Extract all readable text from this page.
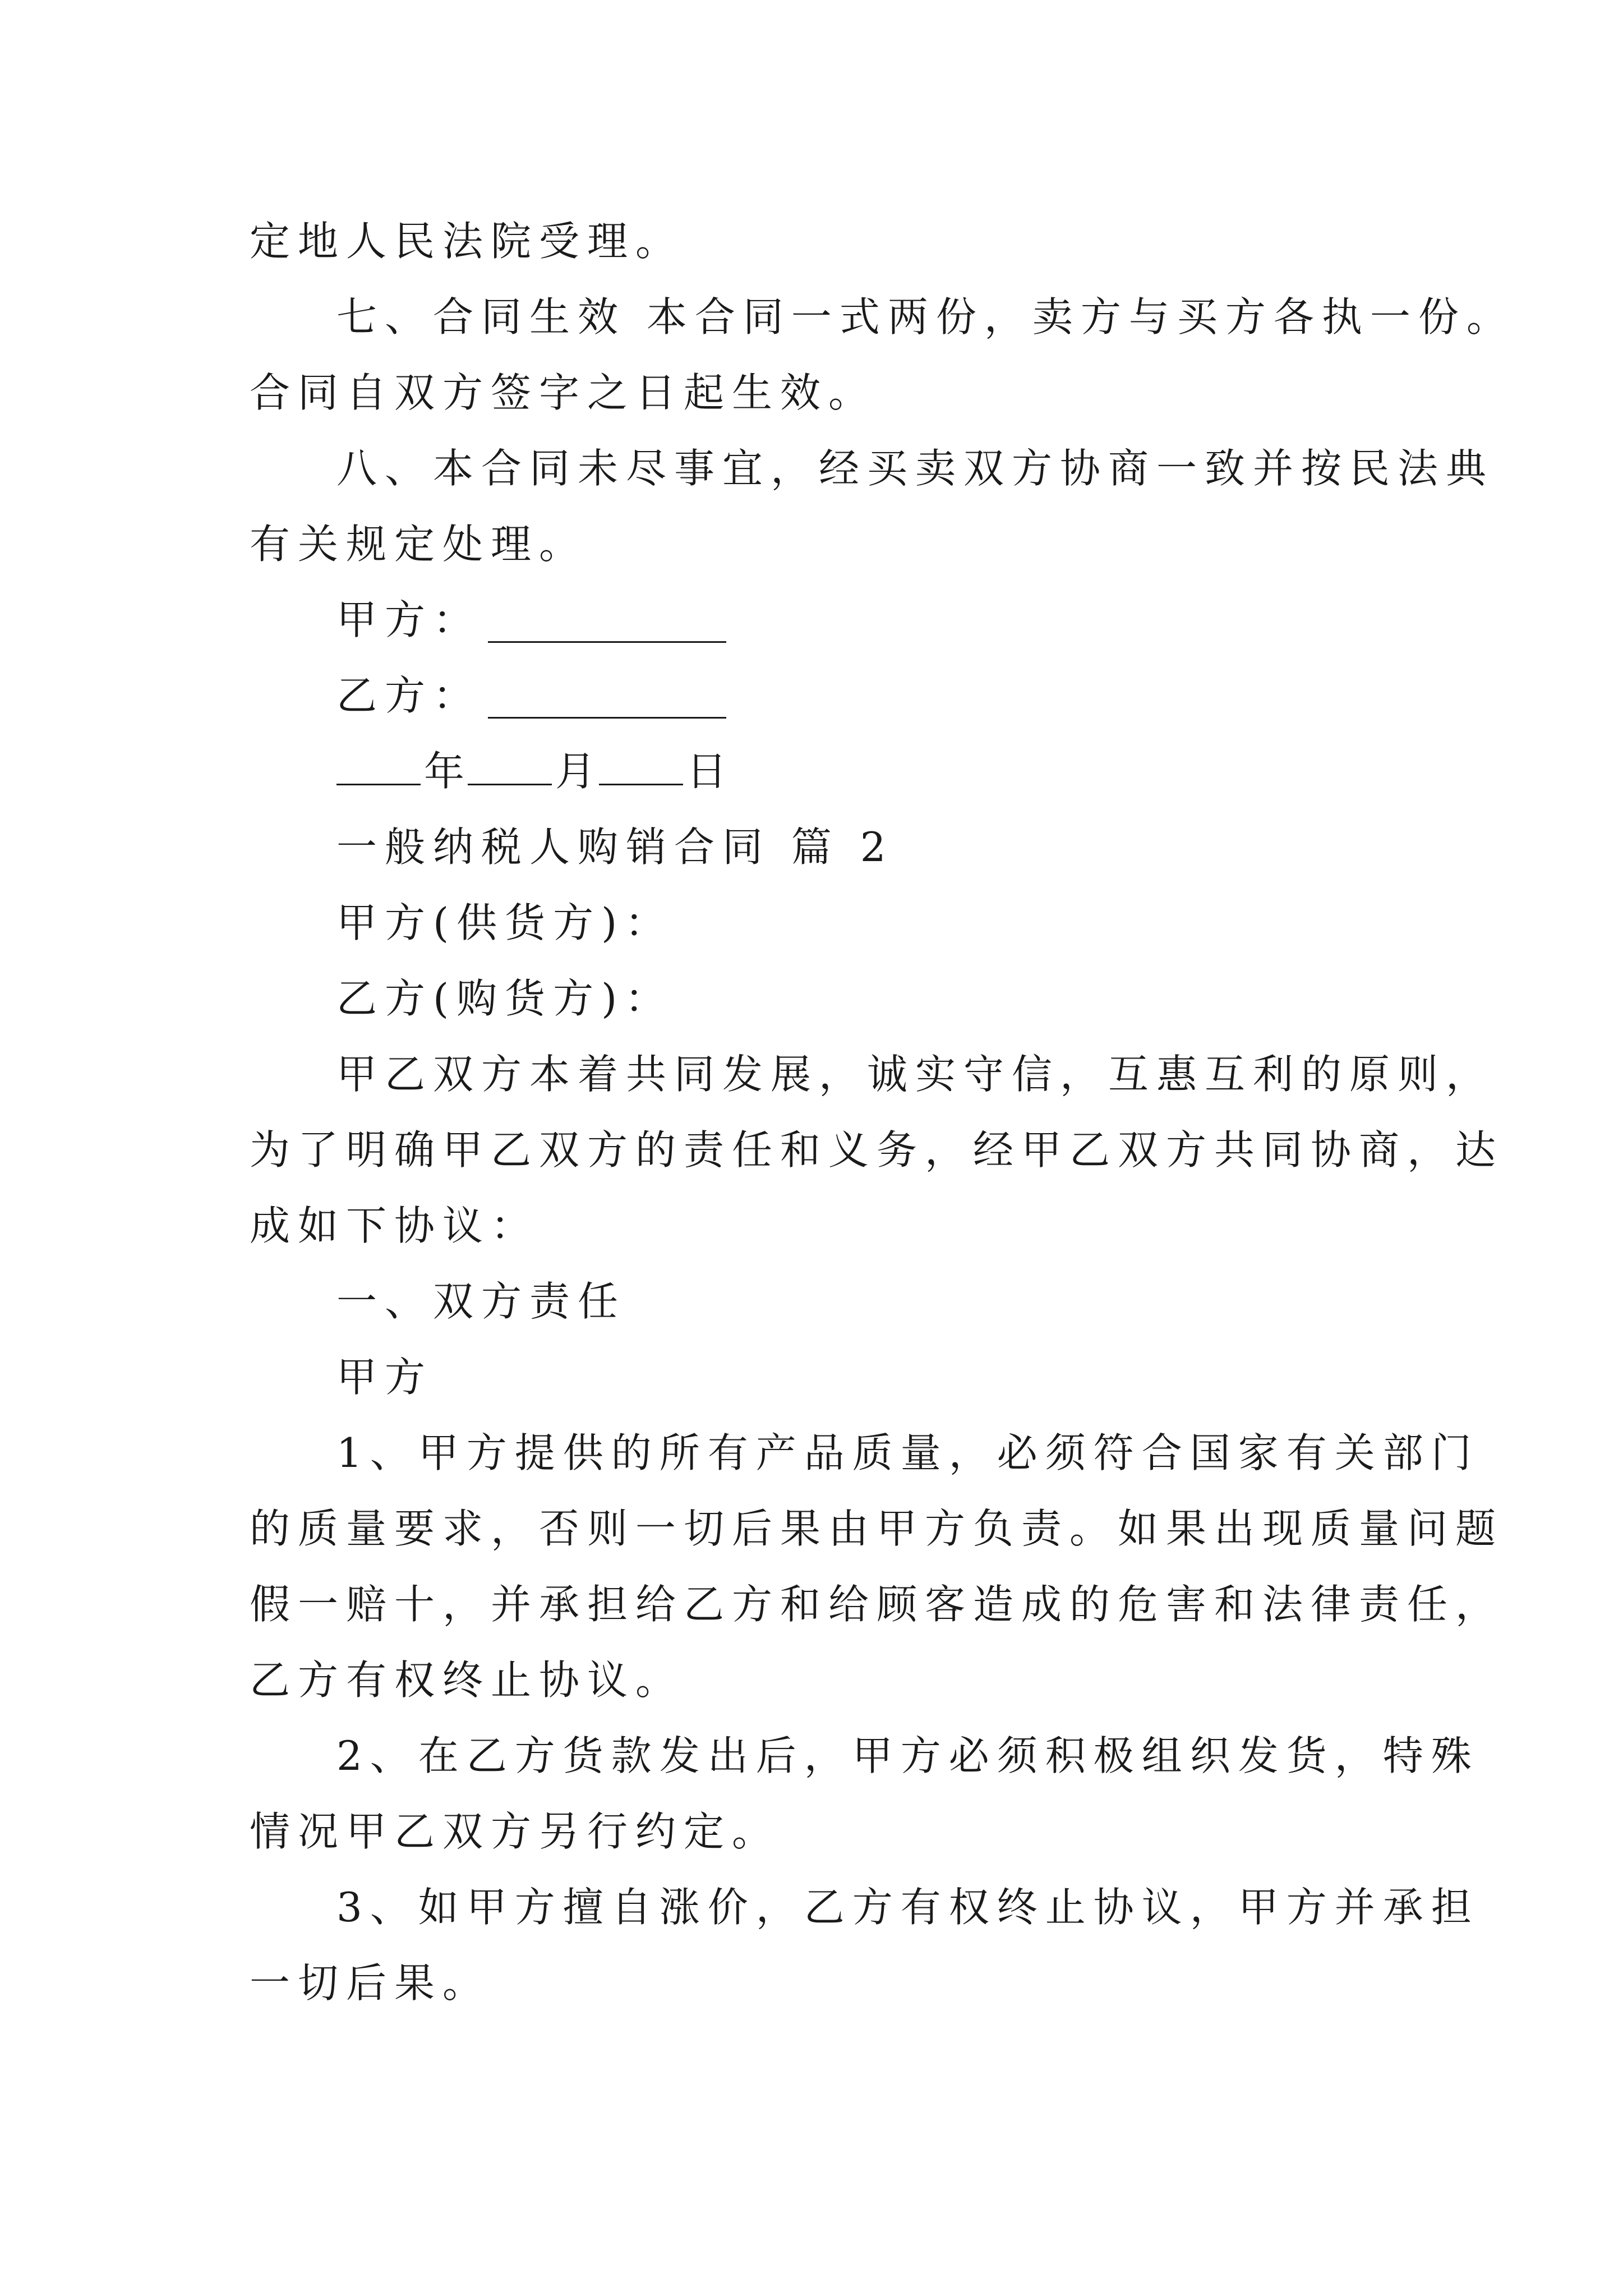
定地人民法院受理。

七、合同生效 本合同一式两份，卖方与买方各执一份。

合同自双方签字之日起生效。

八、本合同未尽事宜，经买卖双方协商一致并按民法典

有关规定处理。

甲方：

乙方：

年 月 日

一般纳税人购销合同 篇 2

甲方(供货方)：

乙方(购货方)：

甲乙双方本着共同发展，诚实守信，互惠互利的原则，

为了明确甲乙双方的责任和义务，经甲乙双方共同协商，达

成如下协议：

一、双方责任

甲方

1、甲方提供的所有产品质量，必须符合国家有关部门

的质量要求，否则一切后果由甲方负责。如果出现质量问题

假一赔十，并承担给乙方和给顾客造成的危害和法律责任，

乙方有权终止协议。

2、在乙方货款发出后，甲方必须积极组织发货，特殊

情况甲乙双方另行约定。

3、如甲方擅自涨价，乙方有权终止协议，甲方并承担

一切后果。
